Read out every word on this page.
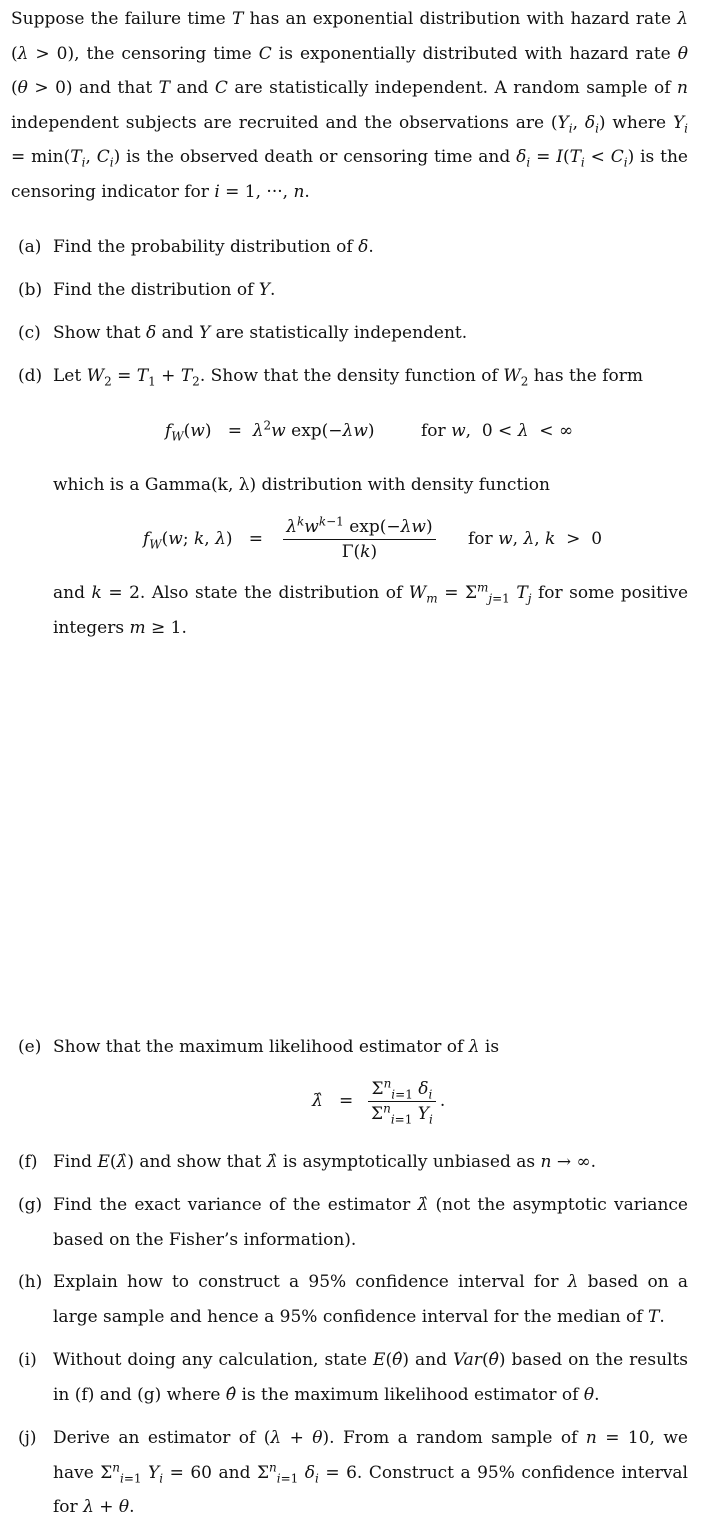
Suppose the failure time T has an exponential distribution with hazard rate λ (λ > 0), the censoring time C is exponentially distributed with hazard rate θ (θ > 0) and that T and C are statistically independent. A random sample of n independent subjects are recruited and the observations are ($Y_i$, $\delta_i$) where $Y_i = \min(T_i$, $C_i$) is the observed death or censoring time and $\delta_i = I(T_i < C_i)$ is the censoring indicator for i = 1, ···, n.
(a) Find the probability distribution of δ.
(b) Find the distribution of Y.
(c) Show that δ and Y are statistically independent.
(d) Let $W_2 = T_1 + T_2$. Show that the density function of $W_2$ has the form
$f_W(w) = \lambda^2w$ exp(−λw)	for w,  0 < λ  < ∞
which is a Gamma(k, λ) distribution with density function
$f_W(w$; k, $\lambda) = \frac{\lambda^kw^{k-1} \exp(-\lambda w)}{\Gamma(k)}$ for w, λ, k  >  0
and k = 2. Also state the distribution of $W_m = \Sigma^m_{j=1}$ $T_j$ for some positive integers m ≥ 1.
(e) Show that the maximum likelihood estimator of λ is
λ̂   = $\frac{\Sigma^n_{i=1} \delta_i}{\Sigma^n_{i=1} Y_i}$ .
(f) Find E(λ̂) and show that λ̂ is asymptotically unbiased as n → ∞.
(g) Find the exact variance of the estimator λ̂ (not the asymptotic variance based on the Fisher’s information).
(h) Explain how to construct a 95% confidence interval for λ based on a large sample and hence a 95% confidence interval for the median of T.
(i) Without doing any calculation, state E(θ̂) and Var(θ̂) based on the results in (f) and (g) where θ̂ is the maximum likelihood estimator of θ.
(j) Derive an estimator of (λ + θ). From a random sample of n = 10, we have $\Sigma^n_{i=1}$ $Y_i = 60$ and $\Sigma^n_{i=1}$ $\delta_i = 6$. Construct a 95% confidence interval for λ + θ.
